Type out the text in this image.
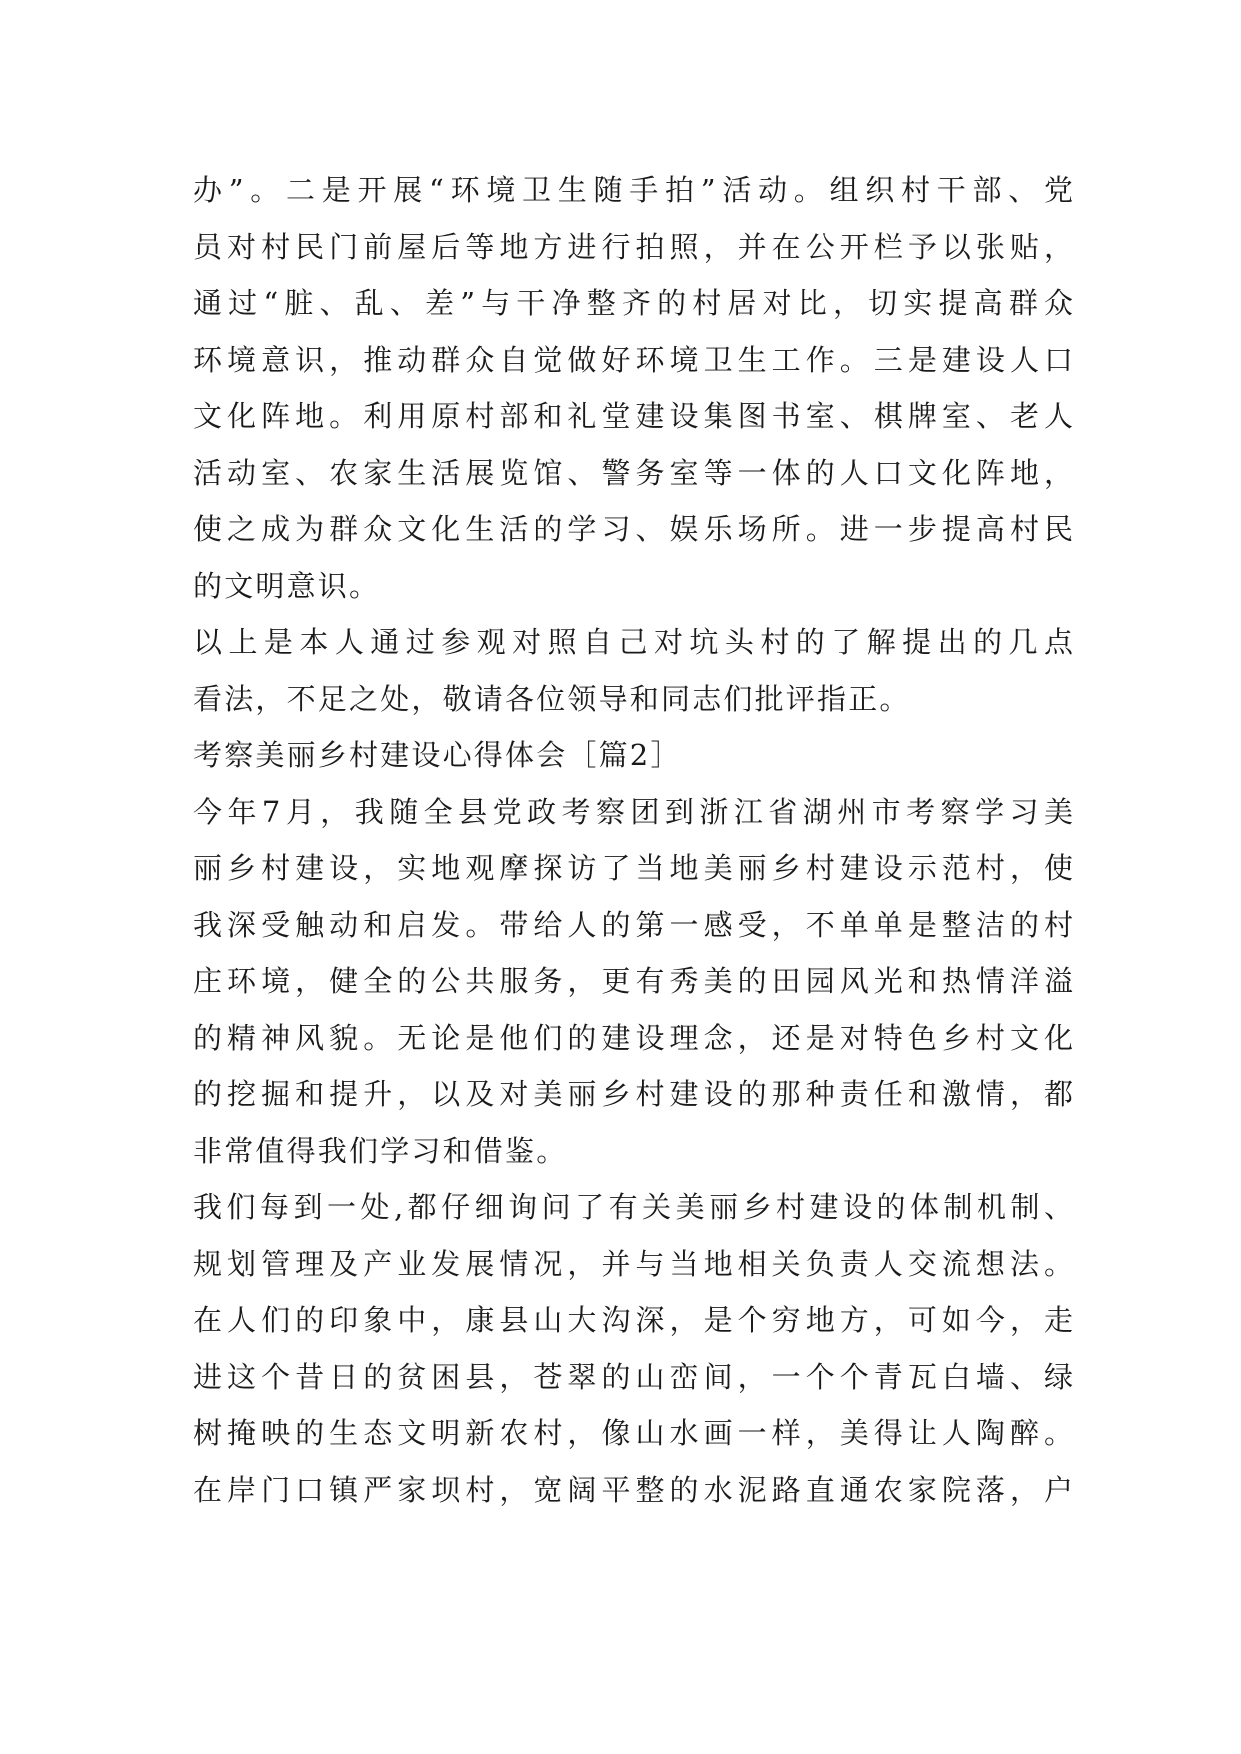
办”。二是开展“环境卫生随手拍”活动。组织村干部、党
员对村民门前屋后等地方进行拍照，并在公开栏予以张贴，
通过“脏、乱、差”与干净整齐的村居对比，切实提高群众
环境意识，推动群众自觉做好环境卫生工作。三是建设人口
文化阵地。利用原村部和礼堂建设集图书室、棋牌室、老人
活动室、农家生活展览馆、警务室等一体的人口文化阵地，
使之成为群众文化生活的学习、娱乐场所。进一步提高村民
的文明意识。
以上是本人通过参观对照自己对坑头村的了解提出的几点
看法，不足之处，敬请各位领导和同志们批评指正。
考察美丽乡村建设心得体会［篇2］
今年7月，我随全县党政考察团到浙江省湖州市考察学习美
丽乡村建设，实地观摩探访了当地美丽乡村建设示范村，使
我深受触动和启发。带给人的第一感受，不单单是整洁的村
庄环境，健全的公共服务，更有秀美的田园风光和热情洋溢
的精神风貌。无论是他们的建设理念，还是对特色乡村文化
的挖掘和提升，以及对美丽乡村建设的那种责任和激情，都
非常值得我们学习和借鉴。
我们每到一处,都仔细询问了有关美丽乡村建设的体制机制、
规划管理及产业发展情况，并与当地相关负责人交流想法。
在人们的印象中，康县山大沟深，是个穷地方，可如今，走
进这个昔日的贫困县，苍翠的山峦间，一个个青瓦白墙、绿
树掩映的生态文明新农村，像山水画一样，美得让人陶醉。
在岸门口镇严家坝村，宽阔平整的水泥路直通农家院落，户
